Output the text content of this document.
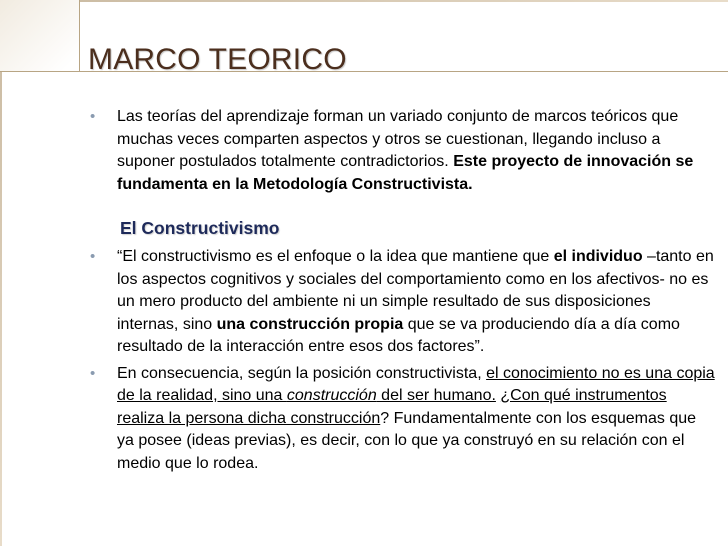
MARCO TEORICO

• Las teorías del aprendizaje forman un variado conjunto de marcos teóricos que muchas veces comparten aspectos y otros se cuestionan, llegando incluso a suponer postulados totalmente contradictorios. Este proyecto de innovación se fundamenta en la Metodología Constructivista.

El Constructivismo

• “El constructivismo es el enfoque o la idea que mantiene que el individuo –tanto en los aspectos cognitivos y sociales del comportamiento como en los afectivos- no es un mero producto del ambiente ni un simple resultado de sus disposiciones internas, sino una construcción propia que se va produciendo día a día como resultado de la interacción entre esos dos factores”.

• En consecuencia, según la posición constructivista, el conocimiento no es una copia de la realidad, sino una construcción del ser humano. ¿Con qué instrumentos realiza la persona dicha construcción? Fundamentalmente con los esquemas que ya posee (ideas previas), es decir, con lo que ya construyó en su relación con el medio que lo rodea.
